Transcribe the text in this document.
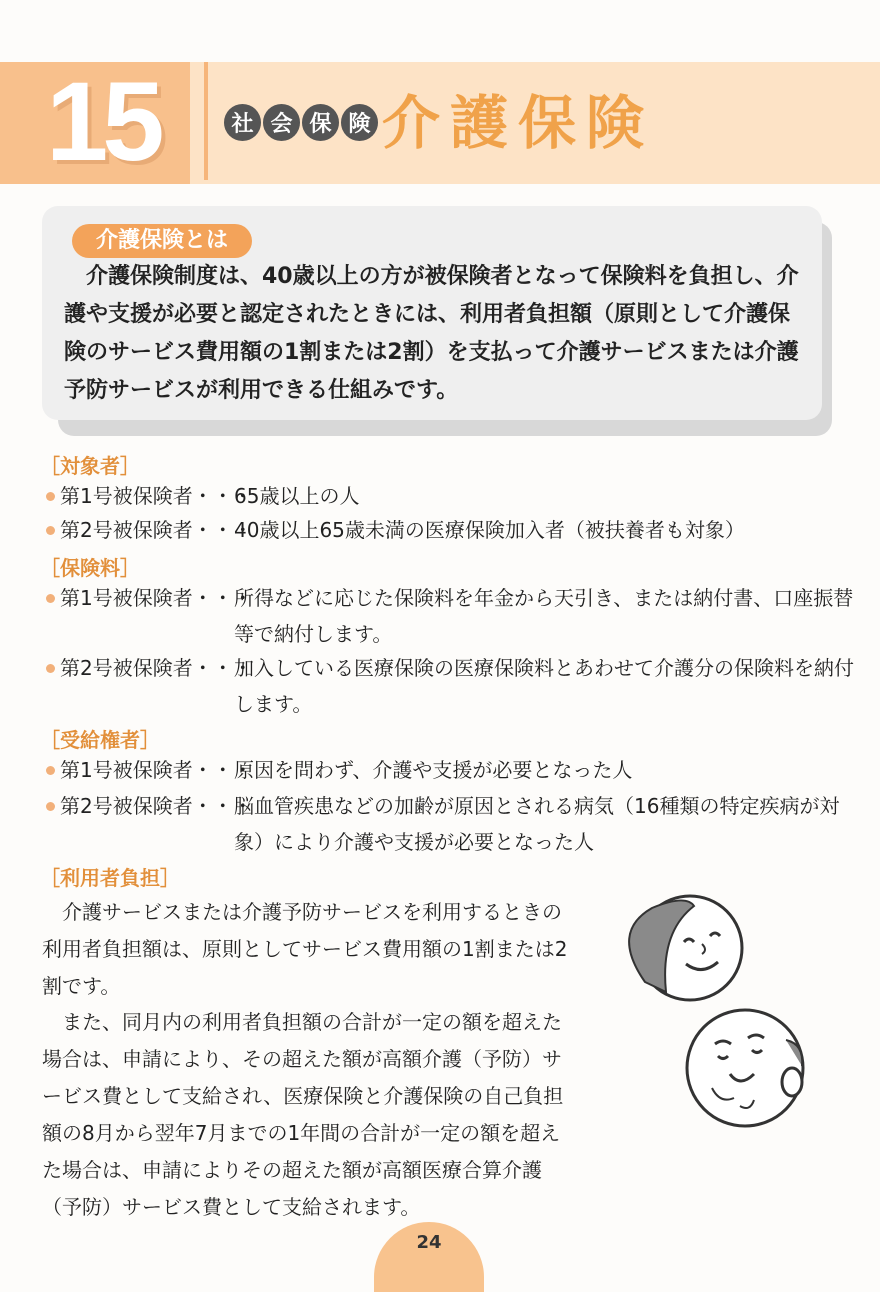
15	社 会 保 険 介護保険
介護保険とは

介護保険制度は、40歳以上の方が被保険者となって保険料を負担し、介護や支援が必要と認定されたときには、利用者負担額（原則として介護保険のサービス費用額の1割または2割）を支払って介護サービスまたは介護予防サービスが利用できる仕組みです。

［対象者］
第1号被保険者・・・
65歳以上の人
第2号被保険者・・・
40歳以上65歳未満の医療保険加入者（被扶養者も対象）
［保険料］
第1号被保険者・・・
所得などに応じた保険料を年金から天引き、または納付書、口座振替等で納付します。
第2号被保険者・・・
加入している医療保険の医療保険料とあわせて介護分の保険料を納付します。
［受給権者］
第1号被保険者・・・
原因を問わず、介護や支援が必要となった人
第2号被保険者・・・
脳血管疾患などの加齢が原因とされる病気（16種類の特定疾病が対象）により介護や支援が必要となった人
［利用者負担］

介護サービスまたは介護予防サービスを利用するときの利用者負担額は、原則としてサービス費用額の1割または2割です。

また、同月内の利用者負担額の合計が一定の額を超えた場合は、申請により、その超えた額が高額介護（予防）サービス費として支給され、医療保険と介護保険の自己負担額の8月から翌年7月までの1年間の合計が一定の額を超えた場合は、申請によりその超えた額が高額医療合算介護（予防）サービス費として支給されます。

24
